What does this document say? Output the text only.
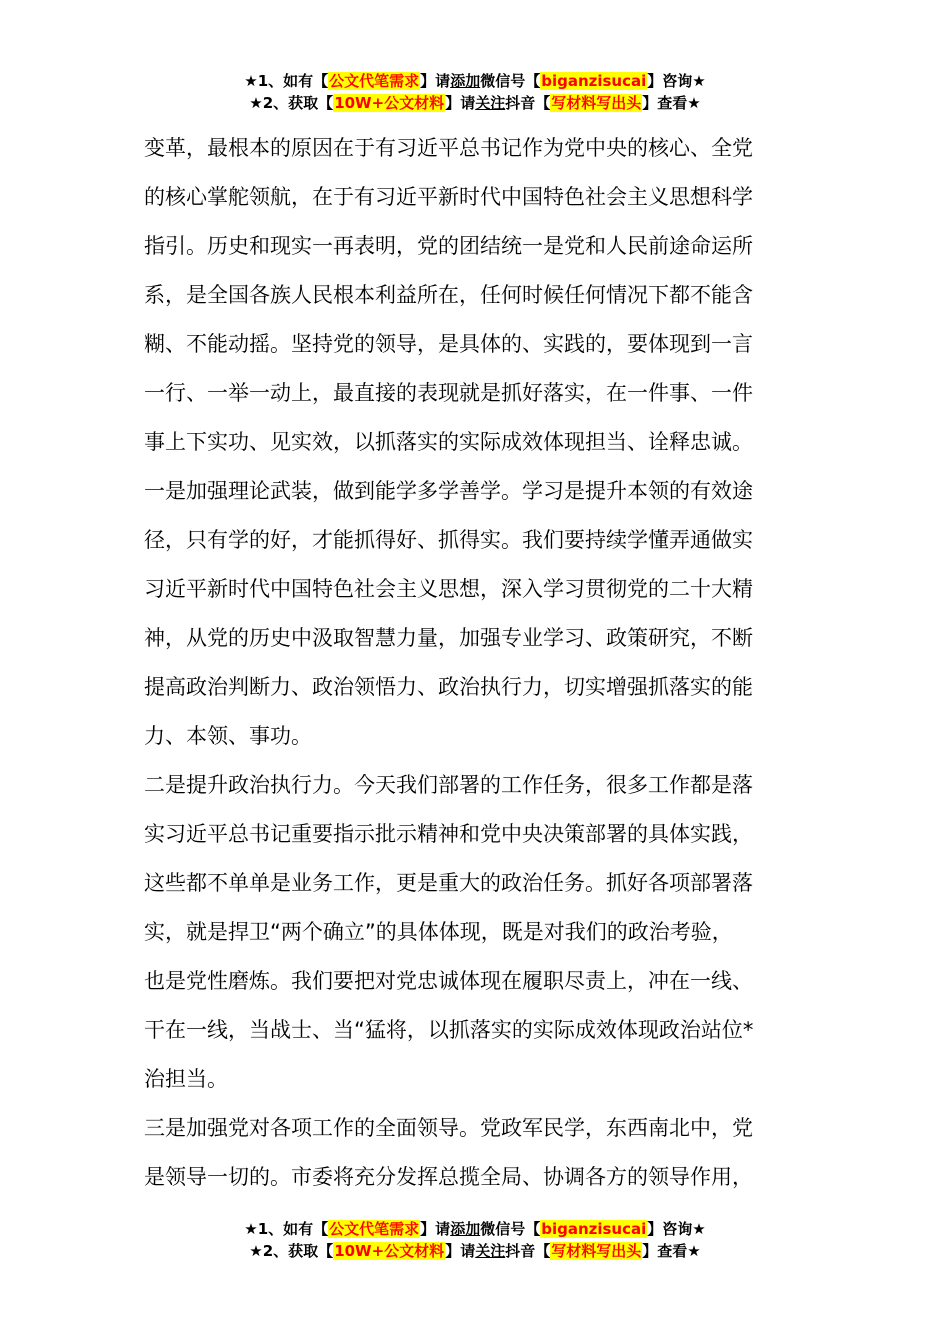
★1、如有【公文代笔需求】请添加微信号【biganzisucai】咨询★
★2、获取【10W+公文材料】请关注抖音【写材料写出头】查看★
变革，最根本的原因在于有习近平总书记作为党中央的核心、全党
的核心掌舵领航，在于有习近平新时代中国特色社会主义思想科学
指引。历史和现实一再表明，党的团结统一是党和人民前途命运所
系，是全国各族人民根本利益所在，任何时候任何情况下都不能含
糊、不能动摇。坚持党的领导，是具体的、实践的，要体现到一言
一行、一举一动上，最直接的表现就是抓好落实，在一件事、一件
事上下实功、见实效，以抓落实的实际成效体现担当、诠释忠诚。
一是加强理论武装，做到能学多学善学。学习是提升本领的有效途
径，只有学的好，才能抓得好、抓得实。我们要持续学懂弄通做实
习近平新时代中国特色社会主义思想，深入学习贯彻党的二十大精
神，从党的历史中汲取智慧力量，加强专业学习、政策研究，不断
提高政治判断力、政治领悟力、政治执行力，切实增强抓落实的能
力、本领、事功。
二是提升政治执行力。今天我们部署的工作任务，很多工作都是落
实习近平总书记重要指示批示精神和党中央决策部署的具体实践，
这些都不单单是业务工作，更是重大的政治任务。抓好各项部署落
实，就是捍卫“两个确立”的具体体现，既是对我们的政治考验，
也是党性磨炼。我们要把对党忠诚体现在履职尽责上，冲在一线、
干在一线，当战士、当“猛将，以抓落实的实际成效体现政治站位*
治担当。
三是加强党对各项工作的全面领导。党政军民学，东西南北中，党
是领导一切的。市委将充分发挥总揽全局、协调各方的领导作用，
★1、如有【公文代笔需求】请添加微信号【biganzisucai】咨询★
★2、获取【10W+公文材料】请关注抖音【写材料写出头】查看★
